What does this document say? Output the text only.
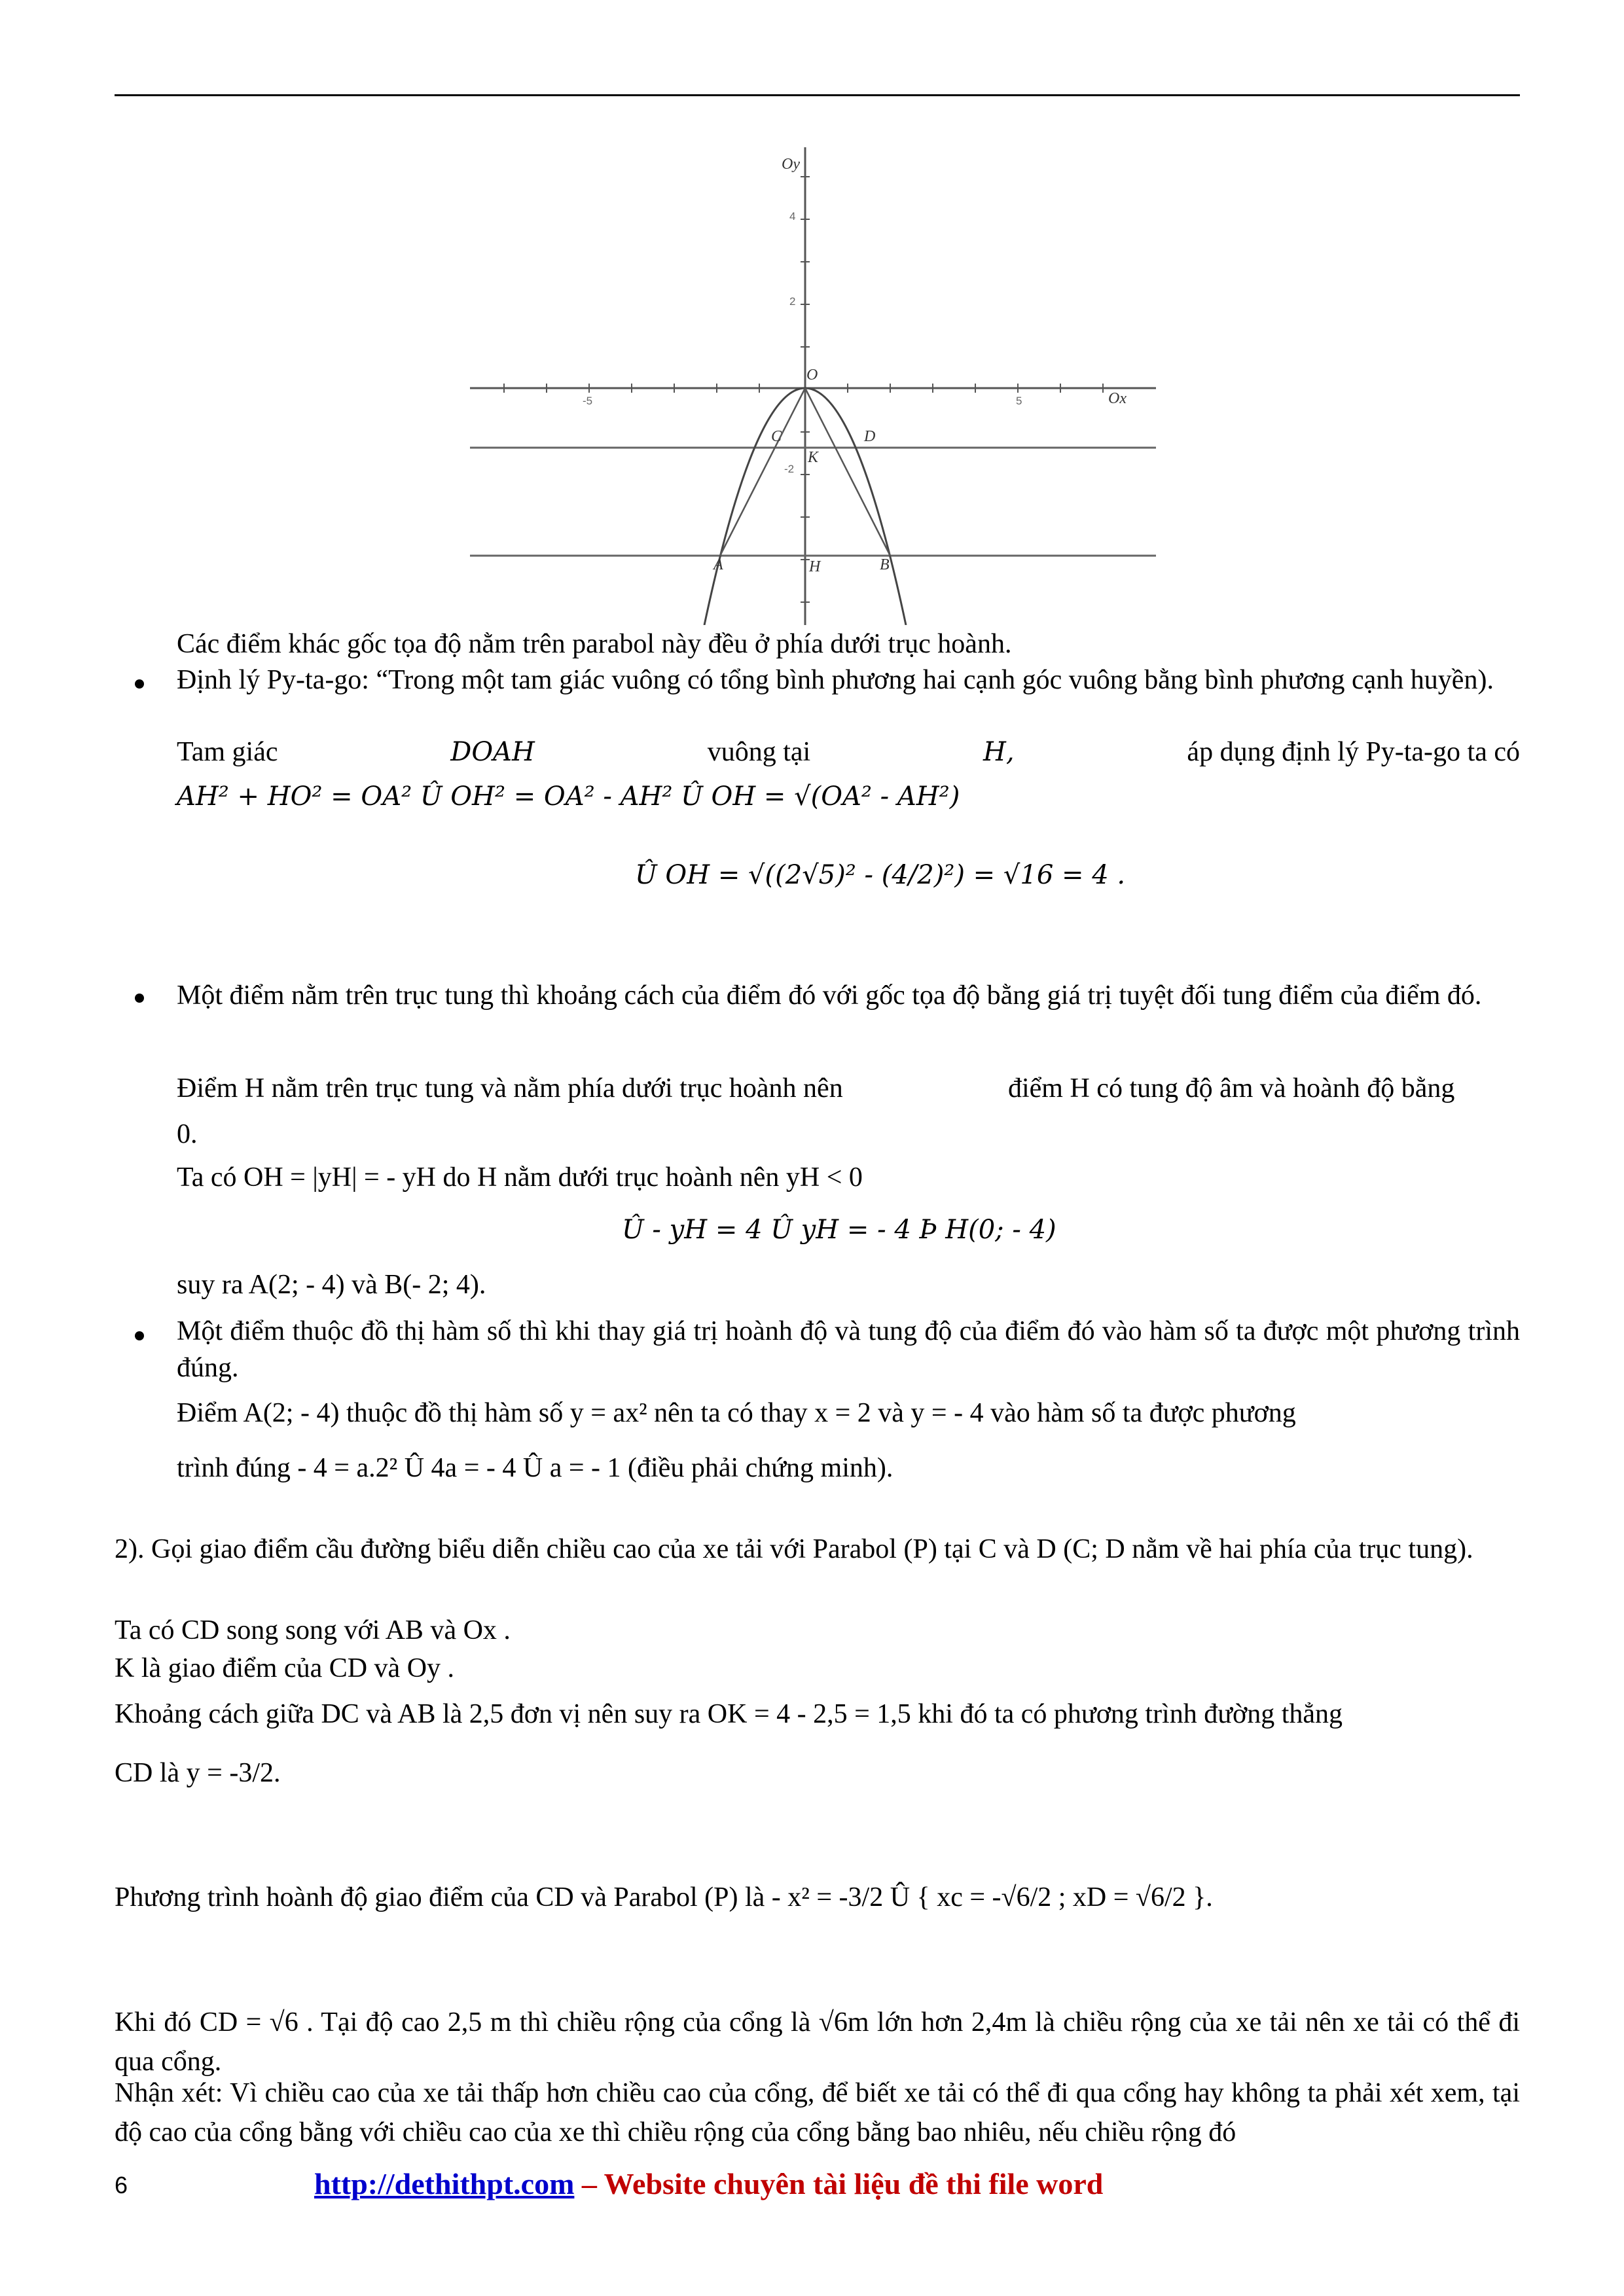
Oy
Ox
O
A	B
C	D
H
K
-5	5
4
2
-2
Các điểm khác gốc tọa độ nằm trên parabol này đều ở phía dưới trục hoành.
Định lý Py-ta-go: “Trong một tam giác vuông có tổng bình phương hai cạnh góc vuông bằng bình phương cạnh huyền).
Tam giác	DOAH	vuông tại	H,	áp dụng định lý Py-ta-go ta có
AH² + HO² = OA² Û OH² = OA² - AH² Û OH = √(OA² - AH²)
Û OH = √((2√5)² - (4/2)²) = √16 = 4 .
Một điểm nằm trên trục tung thì khoảng cách của điểm đó với gốc tọa độ bằng giá trị tuyệt đối tung điểm của điểm đó.
Điểm H nằm trên trục tung và nằm phía dưới trục hoành nên	điểm H có tung độ âm và hoành độ bằng
0.
Ta có OH = |yH| = - yH do H nằm dưới trục hoành nên yH < 0
Û - yH = 4 Û yH = - 4 Þ H(0; - 4)
suy ra A(2; - 4) và B(- 2; 4).
Một điểm thuộc đồ thị hàm số thì khi thay giá trị hoành độ và tung độ của điểm đó vào hàm số ta được một phương trình đúng.
Điểm A(2; - 4) thuộc đồ thị hàm số y = ax² nên ta có thay x = 2 và y = - 4 vào hàm số ta được phương
trình đúng - 4 = a.2² Û 4a = - 4 Û a = - 1 (điều phải chứng minh).
2). Gọi giao điểm cầu đường biểu diễn chiều cao của xe tải với Parabol (P) tại C và D (C; D nằm về hai phía của trục tung).
Ta có CD song song với AB và Ox .
K là giao điểm của CD và Oy .
Khoảng cách giữa DC và AB là 2,5 đơn vị nên suy ra OK = 4 - 2,5 = 1,5 khi đó ta có phương trình đường thẳng
CD là y = -3/2.
Phương trình hoành độ giao điểm của CD và Parabol (P) là - x² = -3/2 Û { xc = -√6/2 ; xD = √6/2 }.
Khi đó CD = √6 . Tại độ cao 2,5 m thì chiều rộng của cổng là √6m lớn hơn 2,4m là chiều rộng của xe tải nên xe tải có thể đi qua cổng.
Nhận xét: Vì chiều cao của xe tải thấp hơn chiều cao của cổng, để biết xe tải có thể đi qua cổng hay không ta phải xét xem, tại độ cao của cổng bằng với chiều cao của xe thì chiều rộng của cổng bằng bao nhiêu, nếu chiều rộng đó
6	http://dethithpt.com – Website chuyên tài liệu đề thi file word
